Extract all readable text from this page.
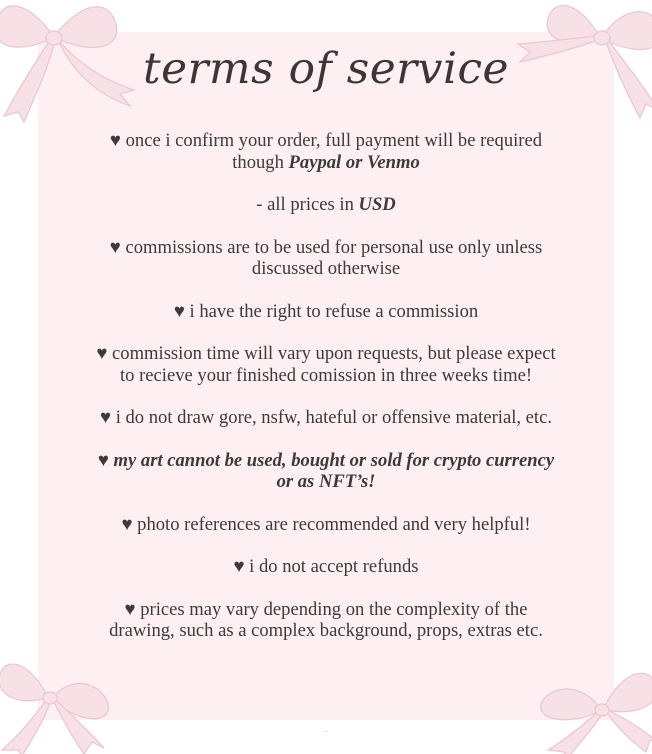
terms of service

♥ once i confirm your order, full payment will be required though Paypal or Venmo

- all prices in USD

♥ commissions are to be used for personal use only unless discussed otherwise

♥ i have the right to refuse a commission

♥ commission time will vary upon requests, but please expect to recieve your finished comission in three weeks time!

♥ i do not draw gore, nsfw, hateful or offensive material, etc.

♥ my art cannot be used, bought or sold for crypto currency or as NFT’s!

♥ photo references are recommended and very helpful!

♥ i do not accept refunds

♥ prices may vary depending on the complexity of the drawing, such as a complex background, props, extras etc.

—
